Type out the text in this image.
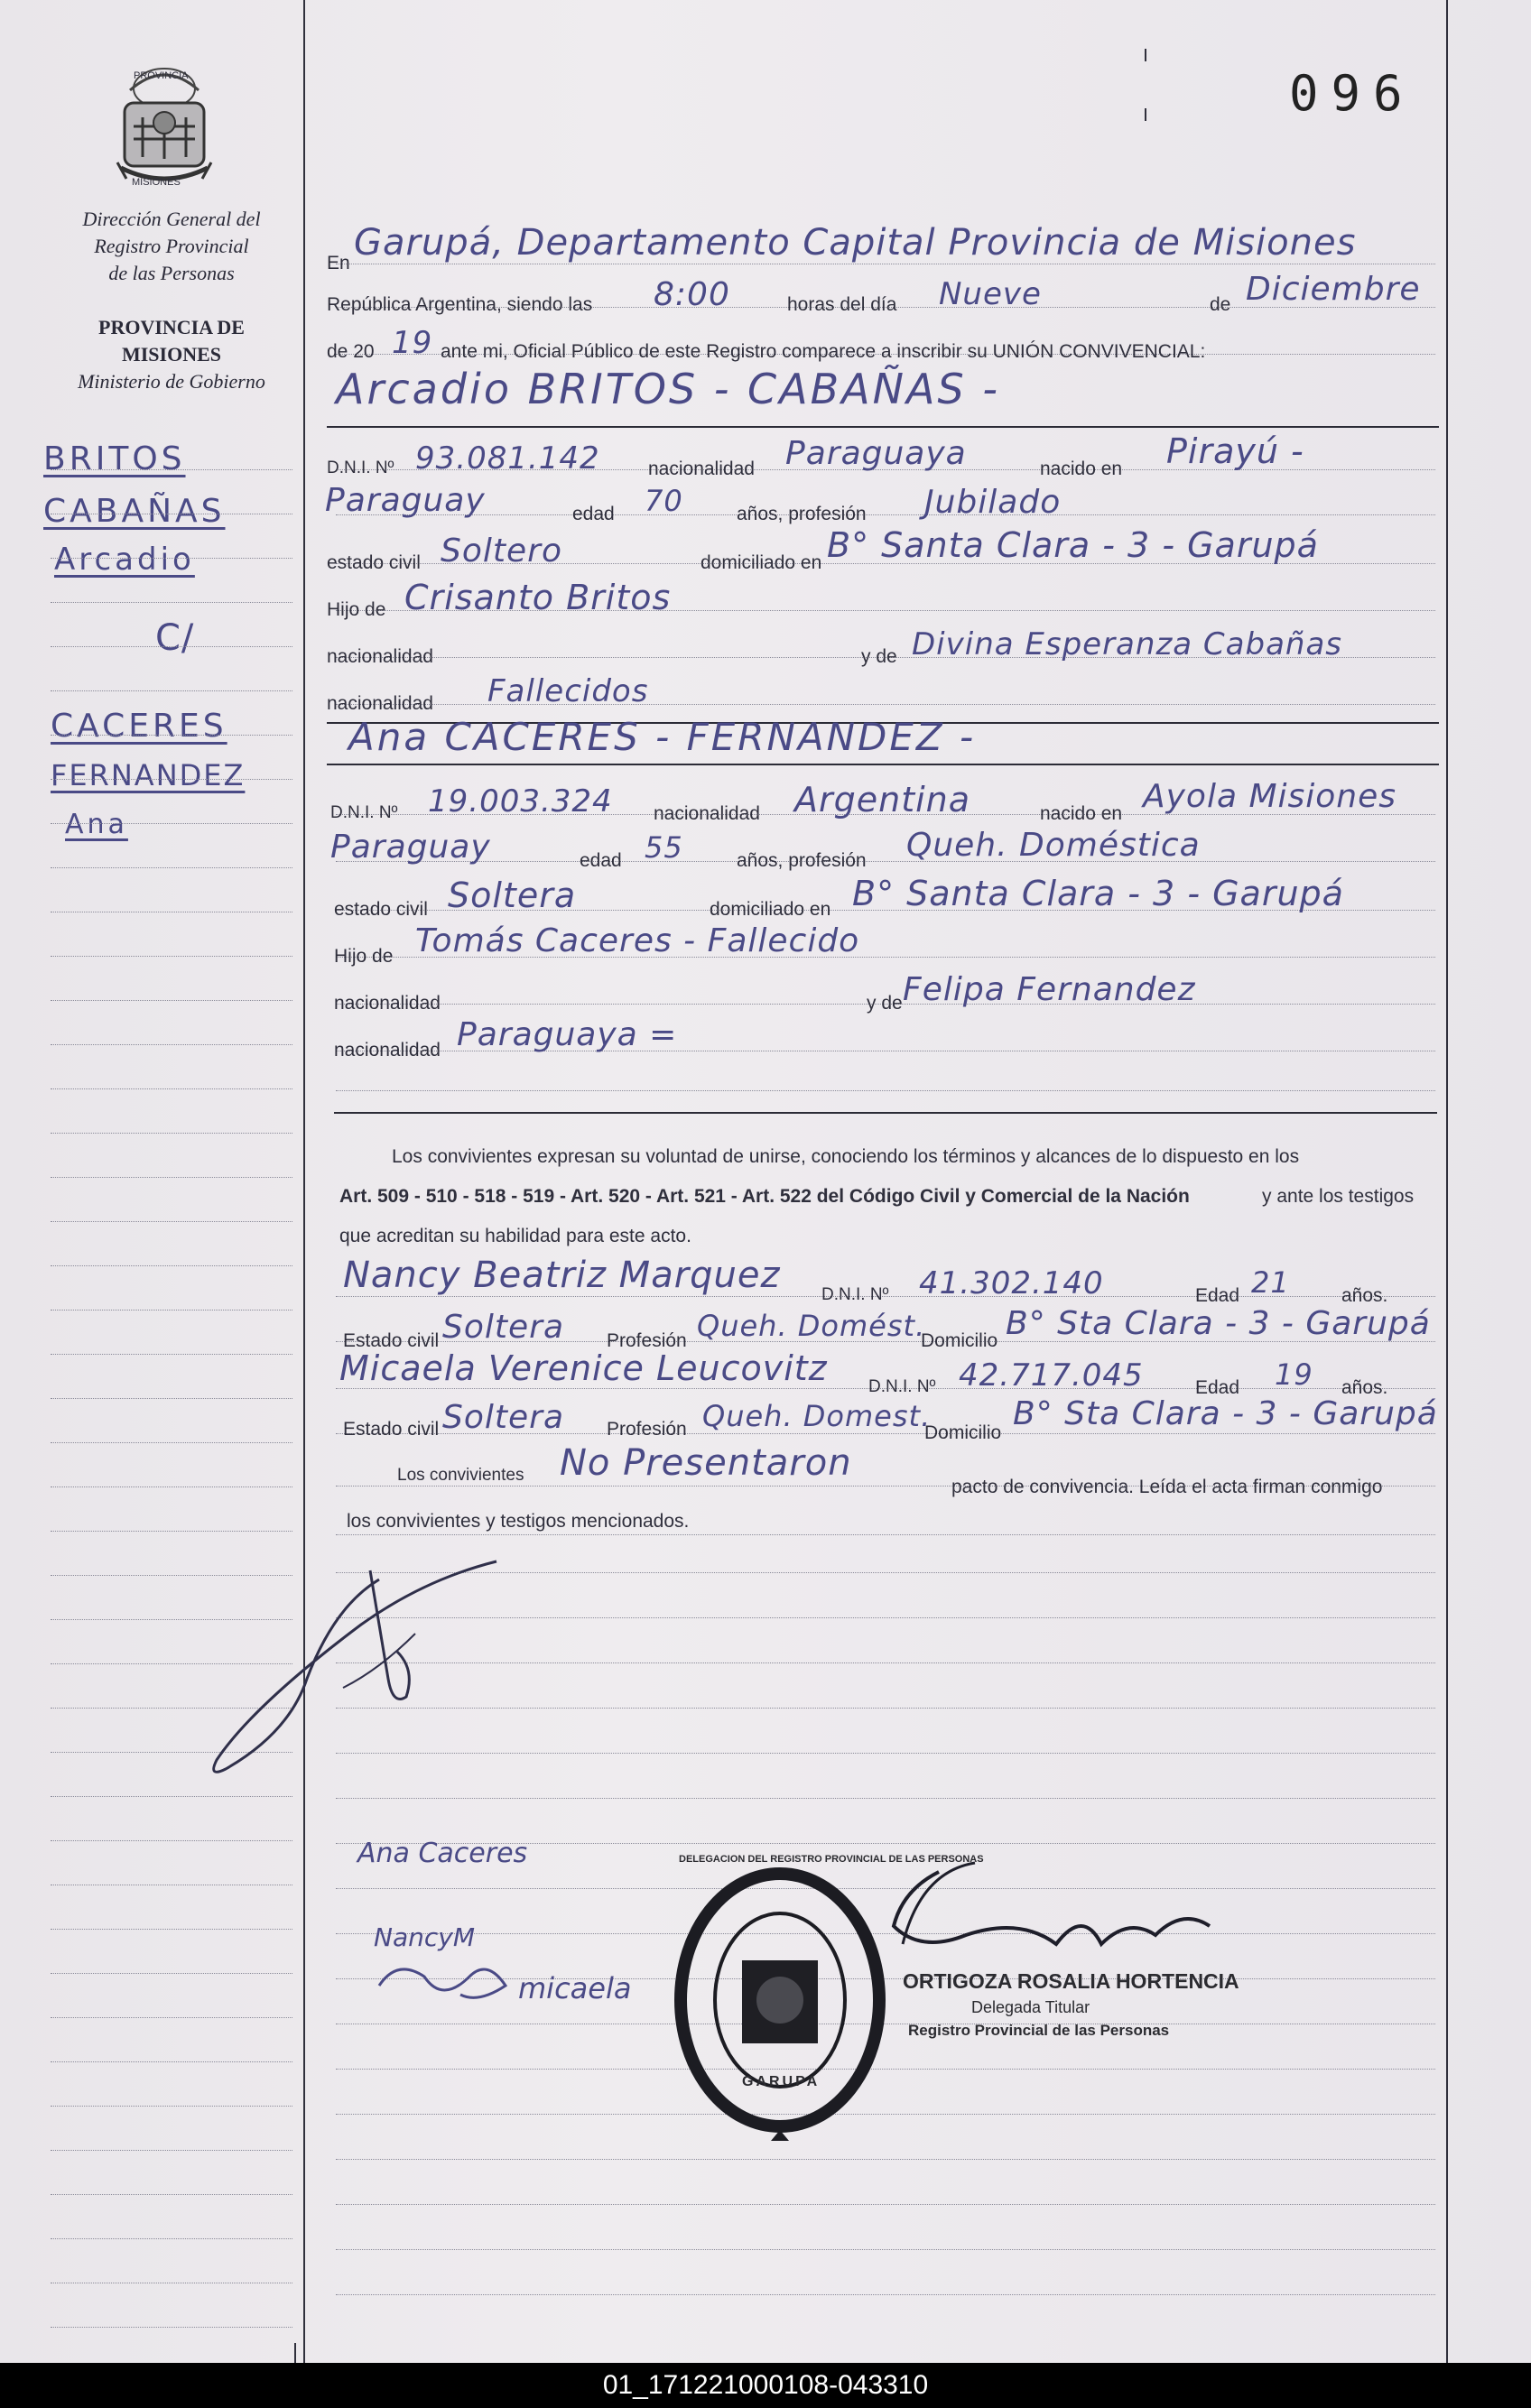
PROVINCIA
MISIONES
Dirección General del
Registro Provincial
de las Personas
PROVINCIA DE
MISIONES
Ministerio de Gobierno
096
BRITOS
CABAÑAS
Arcadio
C/
CACERES
FERNANDEZ
Ana
En Garupá, Departamento Capital Provincia de Misiones
República Argentina, siendo las 8:00	horas del día Nueve	de Diciembre
de 20 19 ante mi, Oficial Público de este Registro comparece a inscribir su UNIÓN CONVIVENCIAL:
Arcadio BRITOS - CABAÑAS -
D.N.I. Nº 93.081.142	nacionalidad Paraguaya	nacido en Pirayú -
Paraguay	edad 70	años, profesión Jubilado
estado civil Soltero	domiciliado en B° Santa Clara - 3 - Garupá
Hijo de Crisanto Britos
nacionalidad	y de Divina Esperanza Cabañas
nacionalidad Fallecidos
Ana CACERES - FERNANDEZ -
D.N.I. Nº 19.003.324 nacionalidad Argentina	nacido en Ayola Misiones
Paraguay	edad 55	años, profesión Queh. Doméstica
estado civil Soltera	domiciliado en B° Santa Clara - 3 - Garupá
Hijo de Tomás Caceres - Fallecido
nacionalidad	y de Felipa Fernandez
nacionalidad Paraguaya =
Los convivientes expresan su voluntad de unirse, conociendo los términos y alcances de lo dispuesto en los
Art. 509 - 510 - 518 - 519 - Art. 520 - Art. 521 - Art. 522 del Código Civil y Comercial de la Nación	y ante los testigos
que acreditan su habilidad para este acto.
Nancy Beatriz Marquez D.N.I. Nº 41.302.140	Edad 21	años.
Estado civil Soltera Profesión Queh. Domést.
Domicilio B° Sta Clara - 3 - Garupá
Micaela Verenice Leucovitz D.N.I. Nº 42.717.045	Edad 19 años.
Estado civil Soltera Profesión Queh. Domest.
Domicilio
B° Sta Clara - 3 - Garupá
Los convivientes No Presentaron
pacto de convivencia. Leída el acta firman conmigo
los convivientes y testigos mencionados.
Ana Caceres
NancyM
micaela
GARUPA
DELEGACION DEL REGISTRO PROVINCIAL DE LAS PERSONAS
ORTIGOZA ROSALIA HORTENCIA
Delegada Titular
Registro Provincial de las Personas
01_171221000108-043310
